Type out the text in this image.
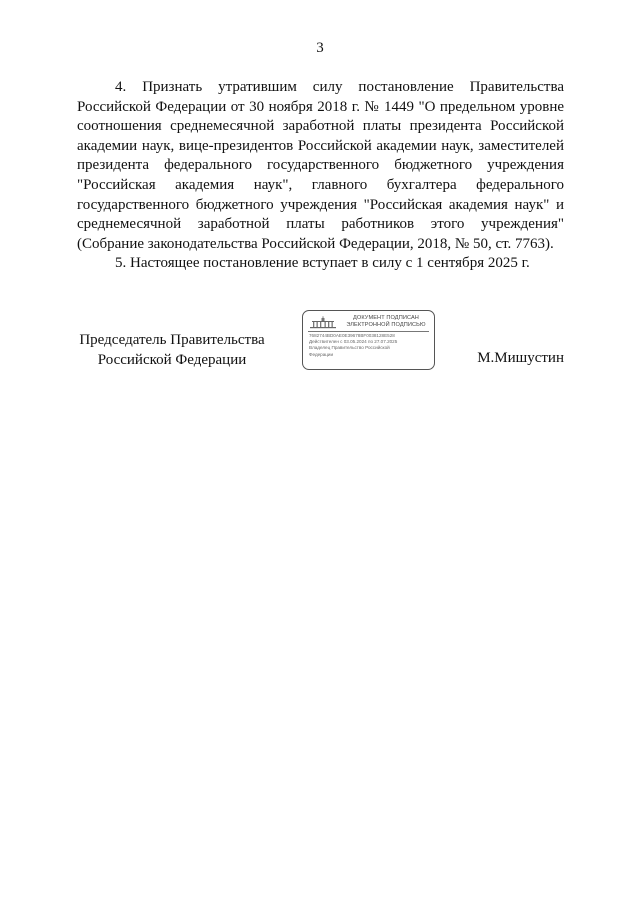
3

4. Признать утратившим силу постановление Правительства Российской Федерации от 30 ноября 2018 г. № 1449 "О предельном уровне соотношения среднемесячной заработной платы президента Российской академии наук, вице-президентов Российской академии наук, заместителей президента федерального государственного бюджетного учреждения "Российская академия наук", главного бухгалтера федерального государственного бюджетного учреждения "Российская академия наук" и среднемесячной заработной платы работников этого учреждения" (Собрание законодательства Российской Федерации, 2018, № 50, ст. 7763).

5. Настоящее постановление вступает в силу с 1 сентября 2025 г.

Председатель Правительства
Российской Федерации
ДОКУМЕНТ ПОДПИСАН
ЭЛЕКТРОННОЙ ПОДПИСЬЮ
7682744BD0AE0E39678BF0038128E528
Действителен с 03.05.2024 по 27.07.2025
Владелец Правительство Российской
Федерации	М.Мишустин
